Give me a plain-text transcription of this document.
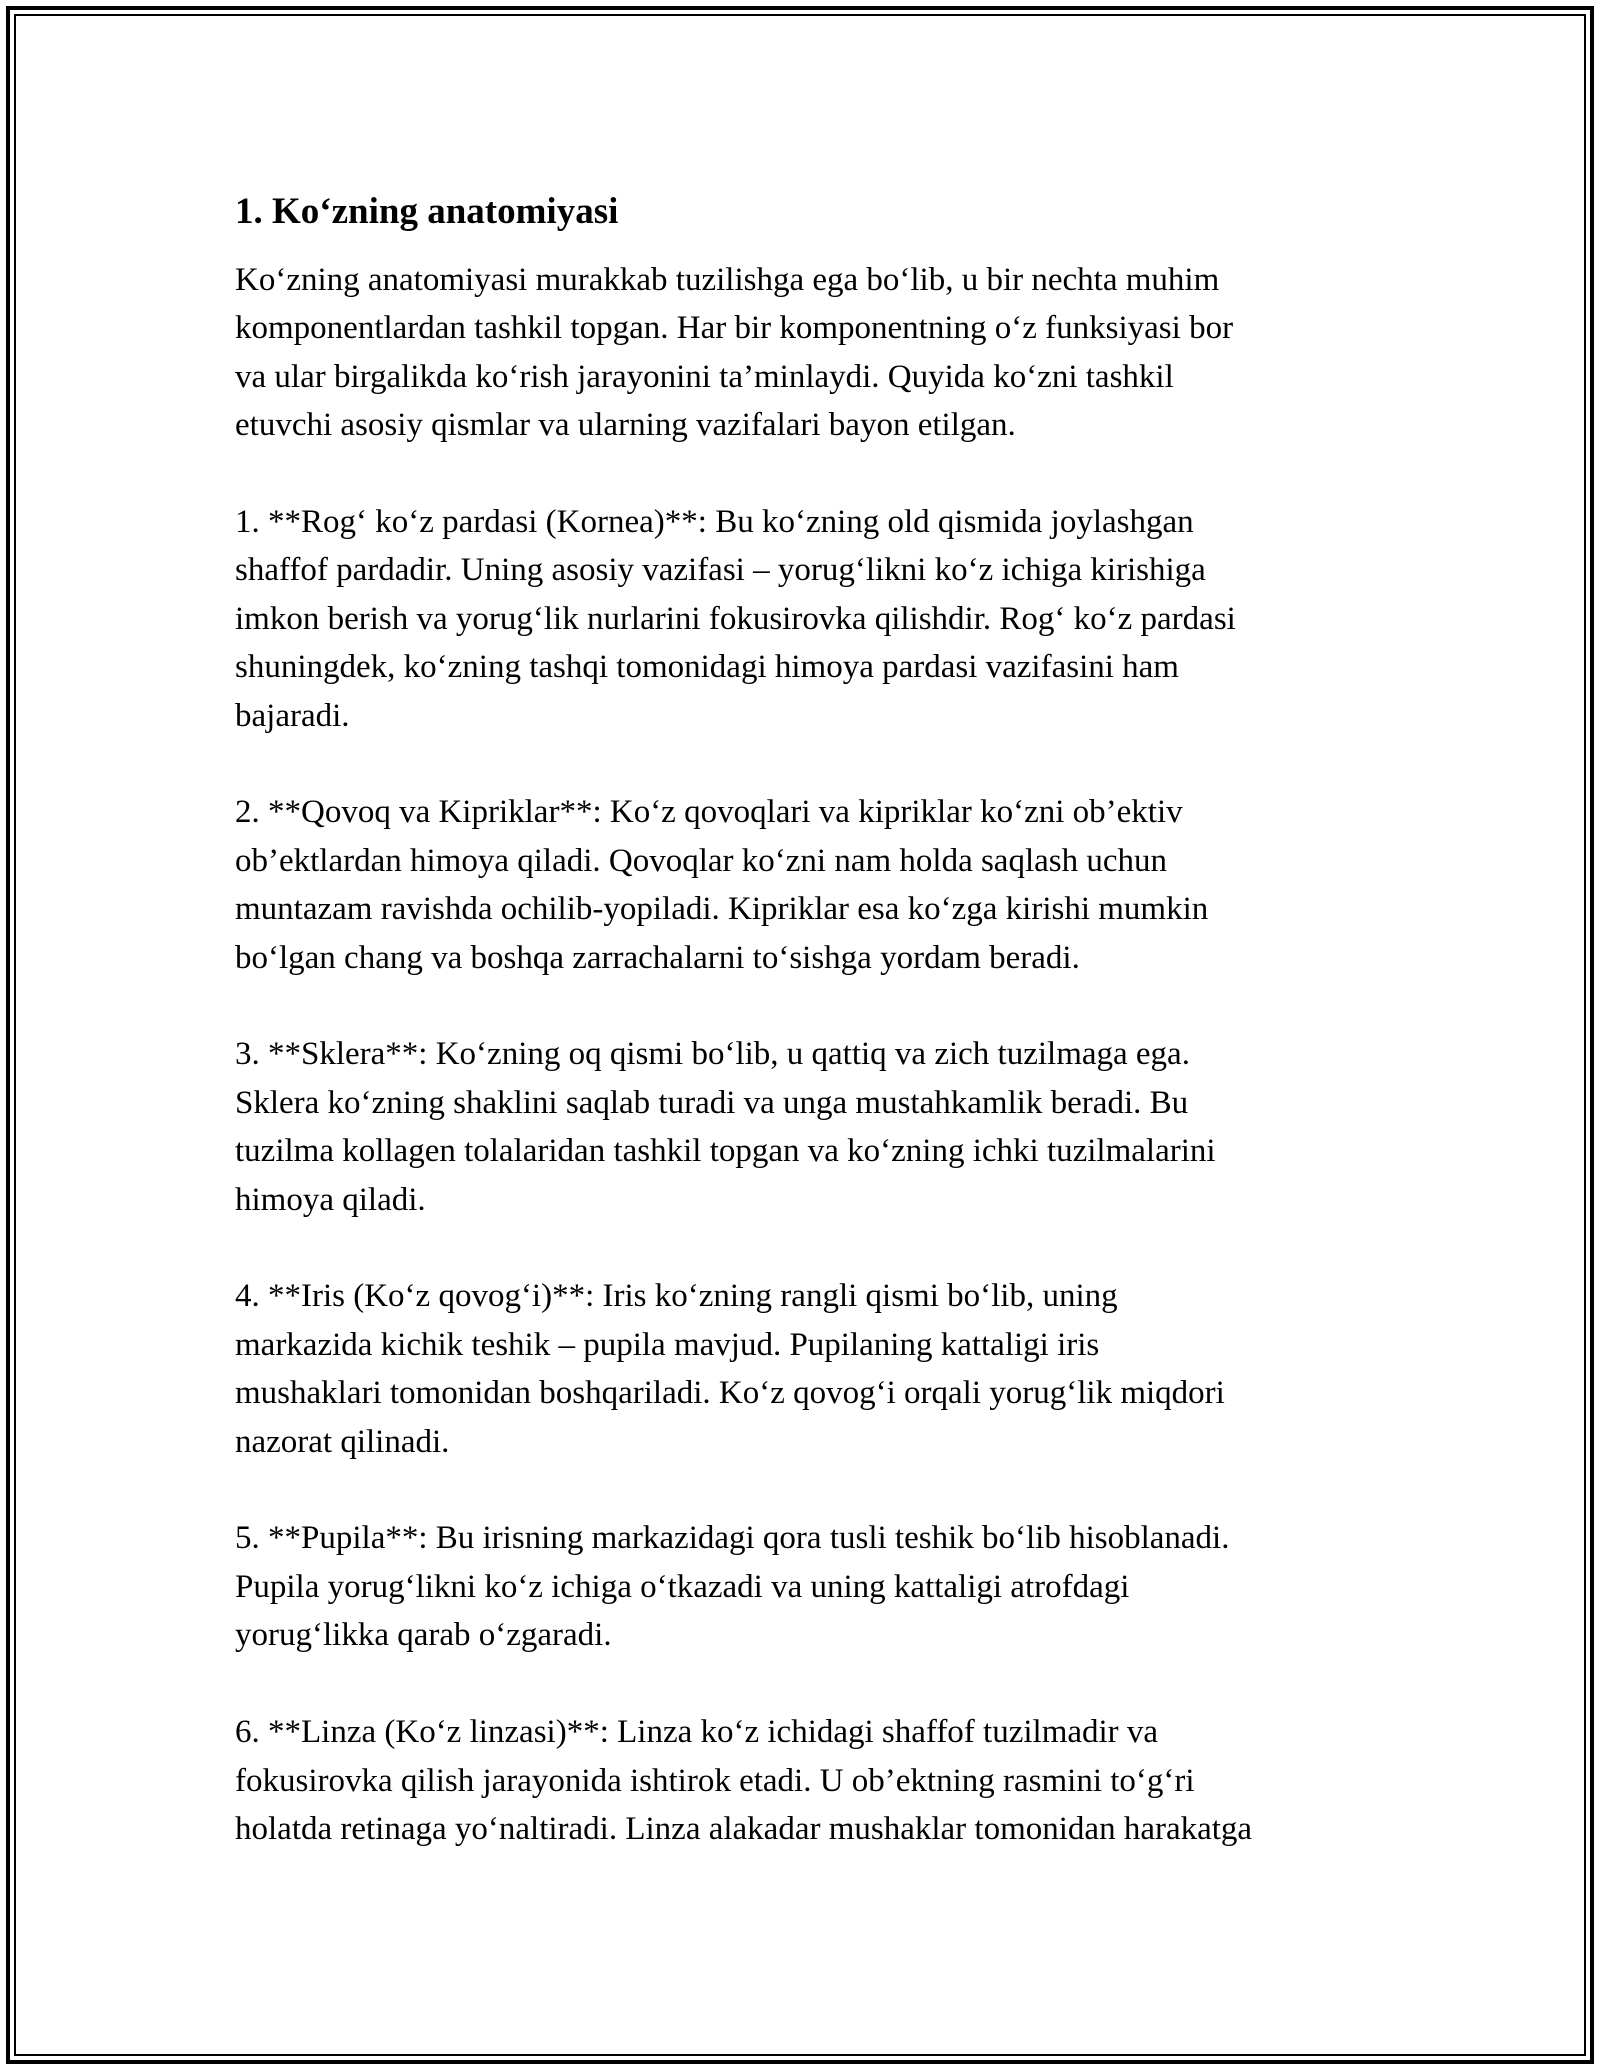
1. Ko‘zning anatomiyasi
Ko‘zning anatomiyasi murakkab tuzilishga ega bo‘lib, u bir nechta muhim
komponentlardan tashkil topgan. Har bir komponentning o‘z funksiyasi bor
va ular birgalikda ko‘rish jarayonini ta’minlaydi. Quyida ko‘zni tashkil
etuvchi asosiy qismlar va ularning vazifalari bayon etilgan.
1. **Rog‘ ko‘z pardasi (Kornea)**: Bu ko‘zning old qismida joylashgan
shaffof pardadir. Uning asosiy vazifasi – yorug‘likni ko‘z ichiga kirishiga
imkon berish va yorug‘lik nurlarini fokusirovka qilishdir. Rog‘ ko‘z pardasi
shuningdek, ko‘zning tashqi tomonidagi himoya pardasi vazifasini ham
bajaradi.
2. **Qovoq va Kipriklar**: Ko‘z qovoqlari va kipriklar ko‘zni ob’ektiv
ob’ektlardan himoya qiladi. Qovoqlar ko‘zni nam holda saqlash uchun
muntazam ravishda ochilib-yopiladi. Kipriklar esa ko‘zga kirishi mumkin
bo‘lgan chang va boshqa zarrachalarni to‘sishga yordam beradi.
3. **Sklera**: Ko‘zning oq qismi bo‘lib, u qattiq va zich tuzilmaga ega.
Sklera ko‘zning shaklini saqlab turadi va unga mustahkamlik beradi. Bu
tuzilma kollagen tolalaridan tashkil topgan va ko‘zning ichki tuzilmalarini
himoya qiladi.
4. **Iris (Ko‘z qovog‘i)**: Iris ko‘zning rangli qismi bo‘lib, uning
markazida kichik teshik – pupila mavjud. Pupilaning kattaligi iris
mushaklari tomonidan boshqariladi. Ko‘z qovog‘i orqali yorug‘lik miqdori
nazorat qilinadi.
5. **Pupila**: Bu irisning markazidagi qora tusli teshik bo‘lib hisoblanadi.
Pupila yorug‘likni ko‘z ichiga o‘tkazadi va uning kattaligi atrofdagi
yorug‘likka qarab o‘zgaradi.
6. **Linza (Ko‘z linzasi)**: Linza ko‘z ichidagi shaffof tuzilmadir va
fokusirovka qilish jarayonida ishtirok etadi. U ob’ektning rasmini to‘g‘ri
holatda retinaga yo‘naltiradi. Linza alakadar mushaklar tomonidan harakatga
